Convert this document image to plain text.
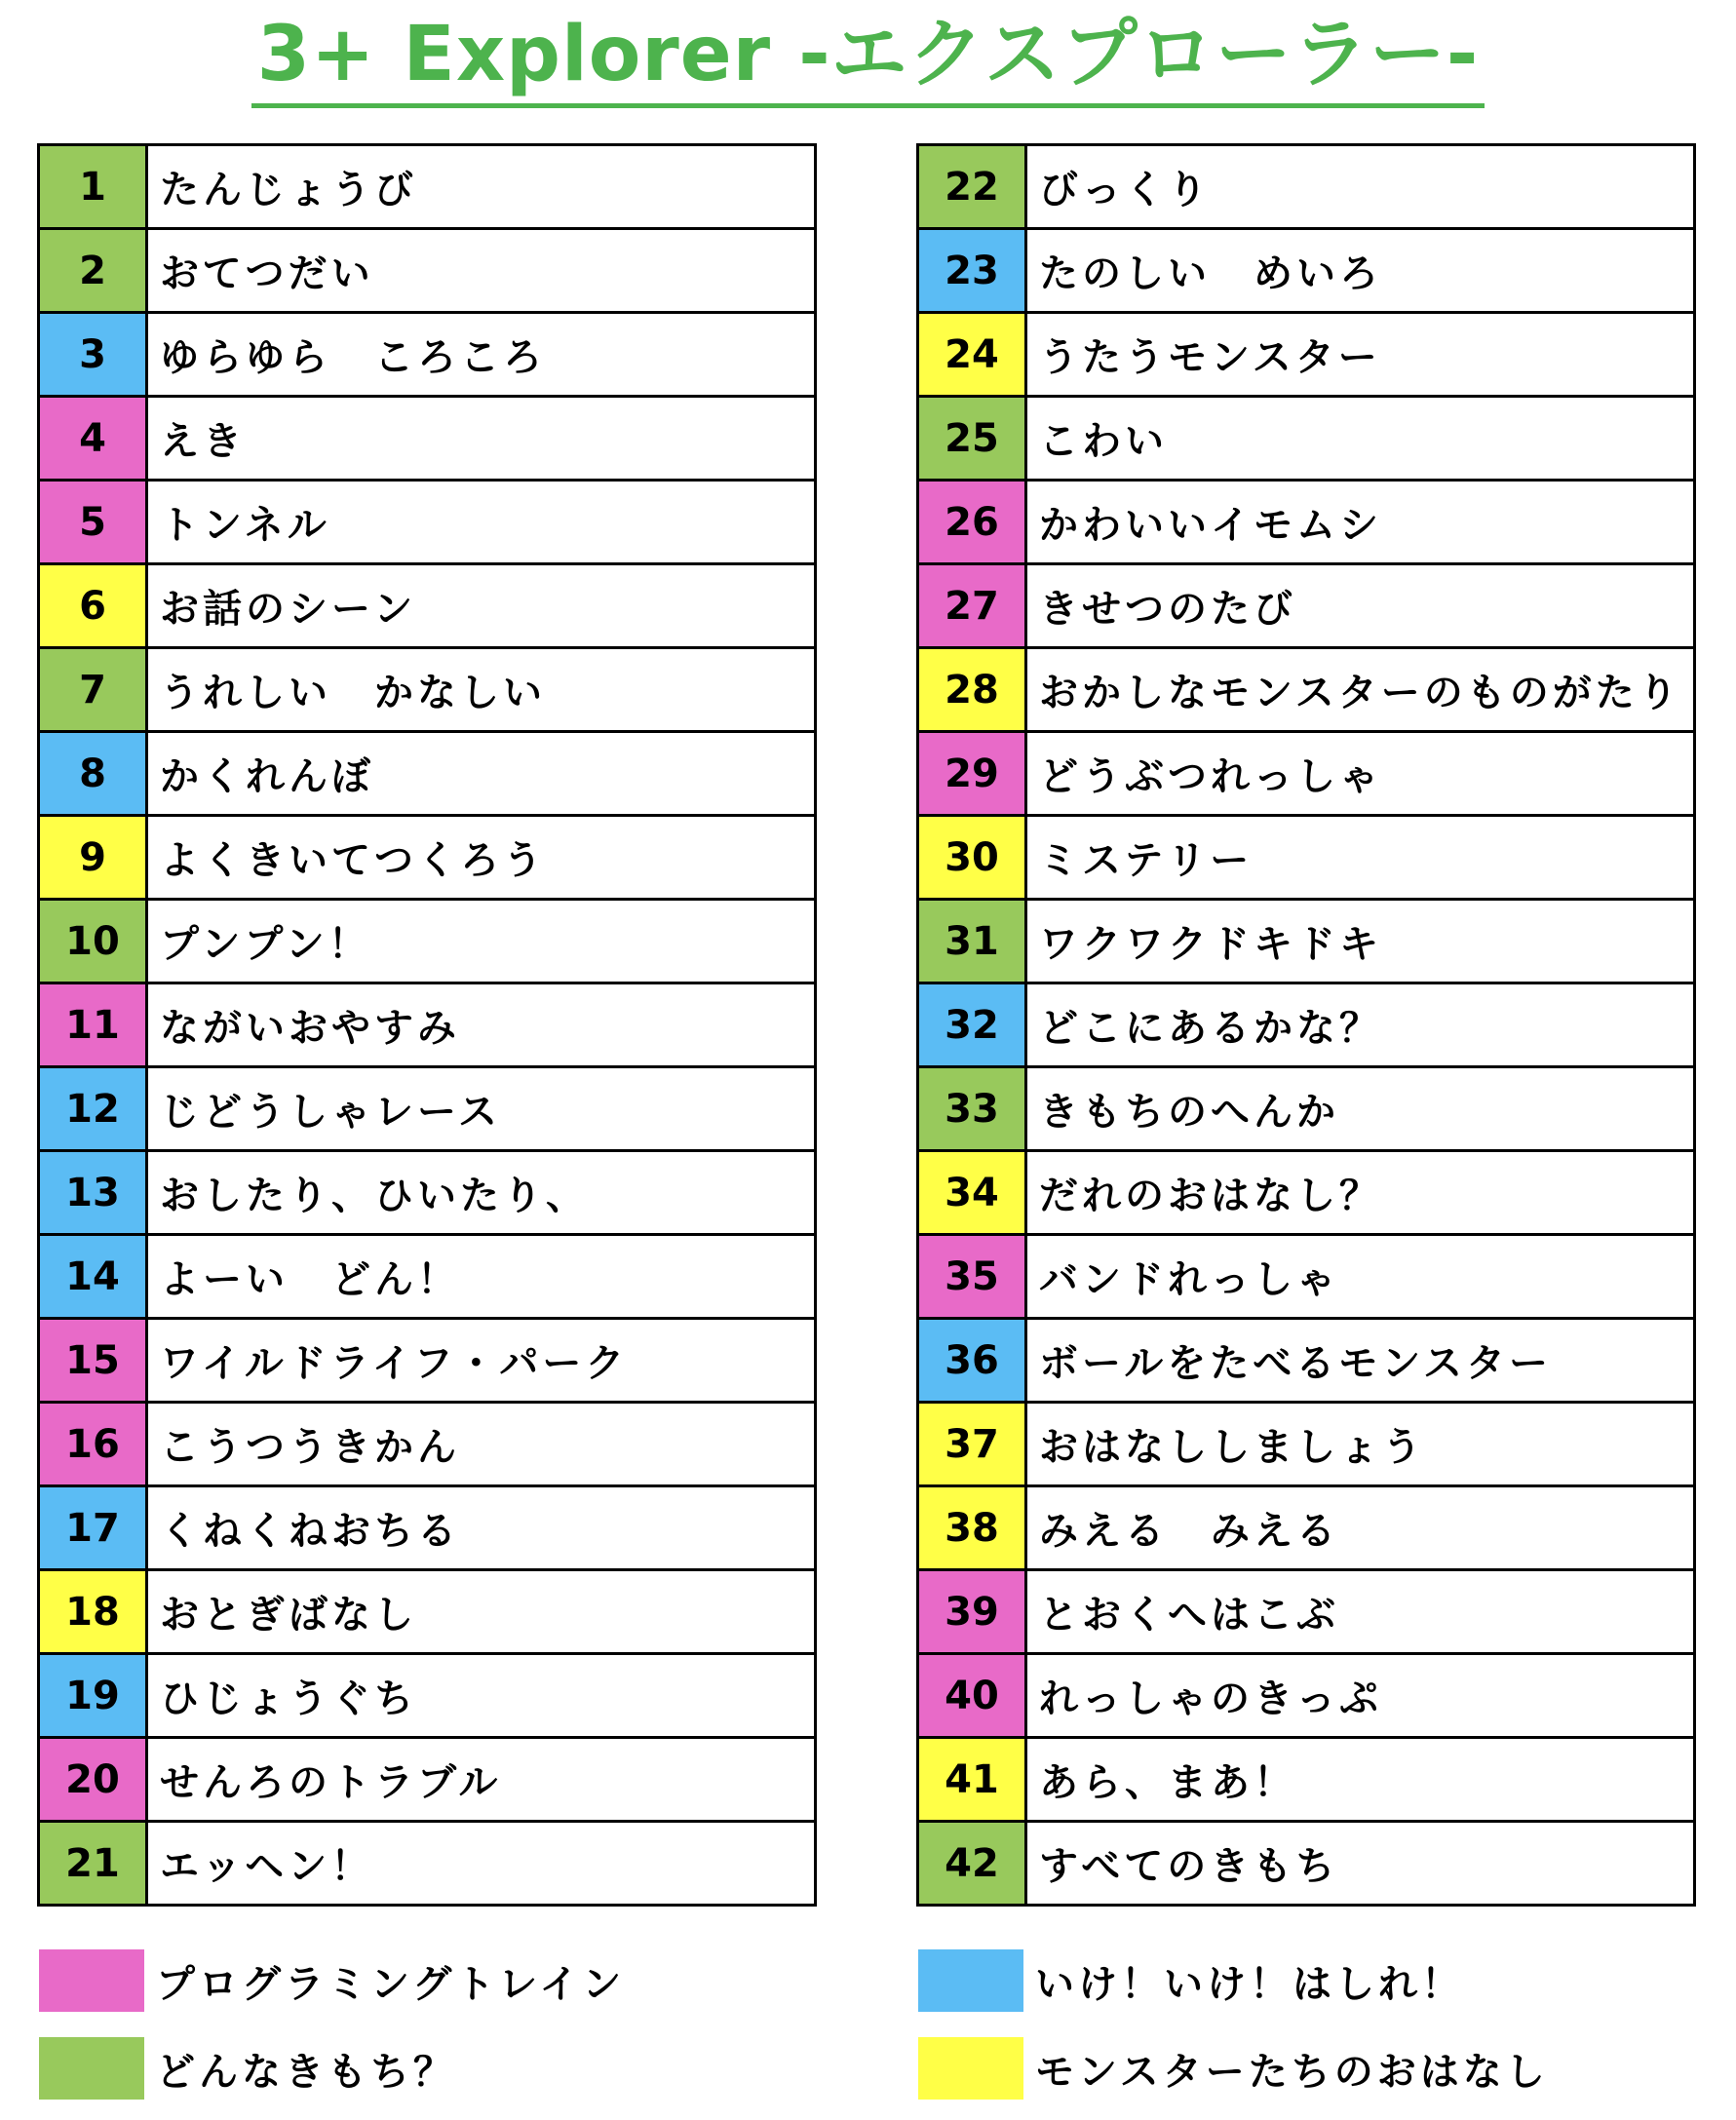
3+ Explorer -エクスプローラー-
1	たんじょうび
2	おてつだい
3	ゆらゆら　ころころ
4	えき
5	トンネル
6	お話のシーン
7	うれしい　かなしい
8	かくれんぼ
9	よくきいてつくろう
10	プンプン！
11	ながいおやすみ
12	じどうしゃレース
13	おしたり、ひいたり、
14	よーい　どん！
15	ワイルドライフ・パーク
16	こうつうきかん
17	くねくねおちる
18	おとぎばなし
19	ひじょうぐち
20	せんろのトラブル
21	エッヘン！
22	びっくり
23	たのしい　めいろ
24	うたうモンスター
25	こわい
26	かわいいイモムシ
27	きせつのたび
28	おかしなモンスターのものがたり
29	どうぶつれっしゃ
30	ミステリー
31	ワクワクドキドキ
32	どこにあるかな？
33	きもちのへんか
34	だれのおはなし？
35	バンドれっしゃ
36	ボールをたべるモンスター
37	おはなししましょう
38	みえる　みえる
39	とおくへはこぶ
40	れっしゃのきっぷ
41	あら、まあ！
42	すべてのきもち
プログラミングトレイン
どんなきもち？
いけ！いけ！はしれ！
モンスターたちのおはなし
